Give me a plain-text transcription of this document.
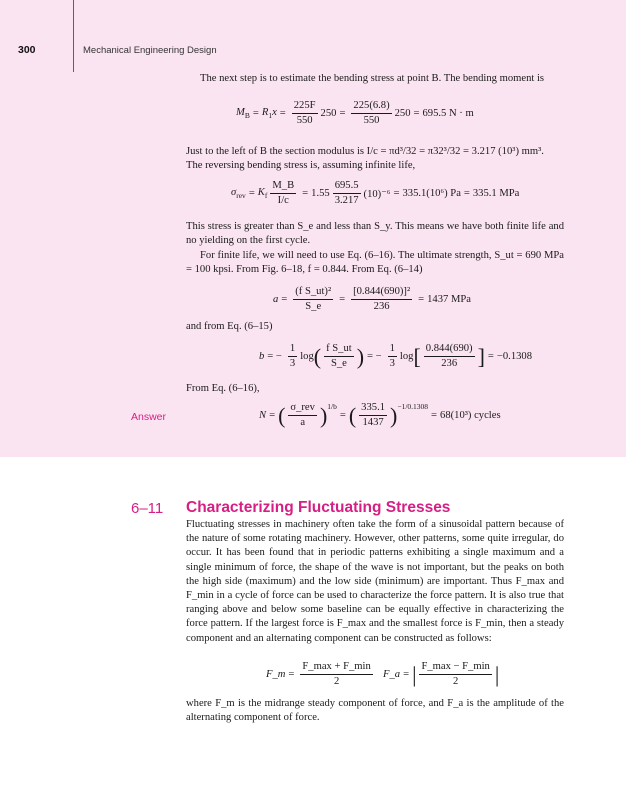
300	Mechanical Engineering Design

The next step is to estimate the bending stress at point B. The bending moment is

$M_B = R_1x = \frac{225F}{550} 250 = \frac{225(6.8)}{550} 250 = 695.5$ N · m
Just to the left of B the section modulus is I/c = πd³/32 = π32³/32 = 3.217 (10³) mm³.
The reversing bending stress is, assuming infinite life,
$\sigma_{rev} = K_f \frac{M\_B}{I/c} = 1.55 \frac{695.5}{3.217} (10)^{-6} = 335.1(10^6) Pa = 335.1$ MPa

This stress is greater than S_e and less than S_y. This means we have both finite life and no yielding on the first cycle.

For finite life, we will need to use Eq. (6–16). The ultimate strength, S_ut = 690 MPa = 100 kpsi. From Fig. 6–18, f = 0.844. From Eq. (6–14)

$a = \frac{\text{(f S\_ut)²}}{S\_e} = \frac{\text{[0.844(690)]²}}{236} = 1437$ MPa
and from Eq. (6–15)
b = − $\frac{1}{3}$ log ( $\frac{\text{f S\_ut}}{S\_e}$ ) = − $\frac{1}{3}$ log [ $\frac{0.844(690)}{236}$ ] = −0.1308
From Eq. (6–16),
Answer	N = ( $\frac{\text{σ\_rev}}{a} )^{1/b}$
= ( $\frac{335.1}{1437} )^{-1/0.1308}$
= 68(10³) cycles
6–11 Characterizing Fluctuating Stresses

Fluctuating stresses in machinery often take the form of a sinusoidal pattern because of the nature of some rotating machinery. However, other patterns, some quite irregular, do occur. It has been found that in periodic patterns exhibiting a single maximum and a single minimum of force, the shape of the wave is not important, but the peaks on both the high side (maximum) and the low side (minimum) are important. Thus F_max and F_min in a cycle of force can be used to characterize the force pattern. It is also true that ranging above and below some baseline can be equally effective in characterizing the force pattern. If the largest force is F_max and the smallest force is F_min, then a steady component and an alternating component can be constructed as follows:

F_m = $\frac{F\_\max + F\_\min}{2}$ F_a = | $\frac{F\_\max - F\_\min}{2}$ |

where F_m is the midrange steady component of force, and F_a is the amplitude of the alternating component of force.
